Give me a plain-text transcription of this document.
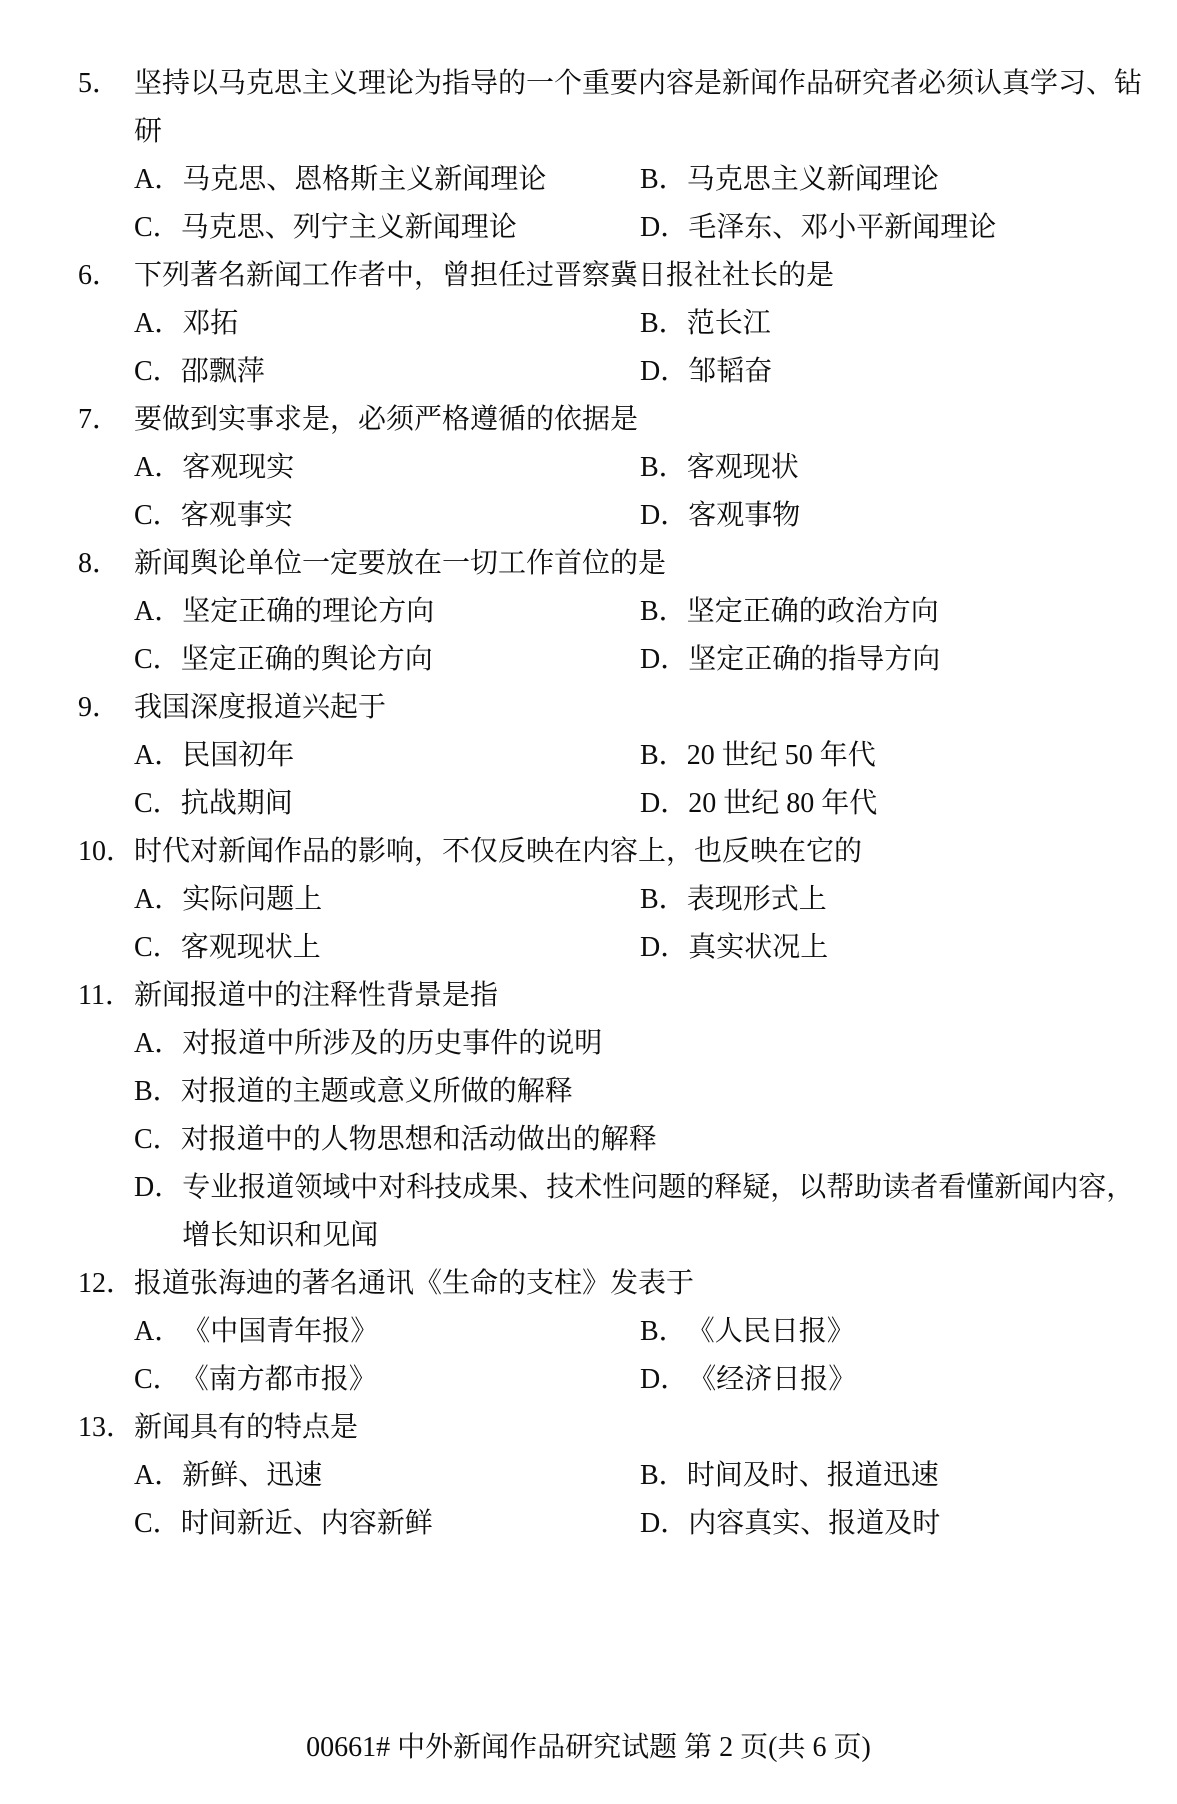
5． 坚持以马克思主义理论为指导的一个重要内容是新闻作品研究者必须认真学习、钻研
A． 马克思、恩格斯主义新闻理论	B． 马克思主义新闻理论
C． 马克思、列宁主义新闻理论	D． 毛泽东、邓小平新闻理论
6． 下列著名新闻工作者中，曾担任过晋察冀日报社社长的是
A． 邓拓	B． 范长江
C． 邵飘萍	D． 邹韬奋
7． 要做到实事求是，必须严格遵循的依据是
A． 客观现实	B． 客观现状
C． 客观事实	D． 客观事物
8． 新闻舆论单位一定要放在一切工作首位的是
A． 坚定正确的理论方向	B． 坚定正确的政治方向
C． 坚定正确的舆论方向	D． 坚定正确的指导方向
9． 我国深度报道兴起于
A． 民国初年	B． 20 世纪 50 年代
C． 抗战期间	D． 20 世纪 80 年代
10． 时代对新闻作品的影响，不仅反映在内容上，也反映在它的
A． 实际问题上	B． 表现形式上
C． 客观现状上	D． 真实状况上
11． 新闻报道中的注释性背景是指
A． 对报道中所涉及的历史事件的说明
B． 对报道的主题或意义所做的解释
C． 对报道中的人物思想和活动做出的解释
D． 专业报道领域中对科技成果、技术性问题的释疑，以帮助读者看懂新闻内容，增长知识和见闻
12． 报道张海迪的著名通讯《生命的支柱》发表于
A． 《中国青年报》	B． 《人民日报》
C． 《南方都市报》	D． 《经济日报》
13． 新闻具有的特点是
A． 新鲜、迅速	B． 时间及时、报道迅速
C． 时间新近、内容新鲜	D． 内容真实、报道及时
00661# 中外新闻作品研究试题 第 2 页(共 6 页)
